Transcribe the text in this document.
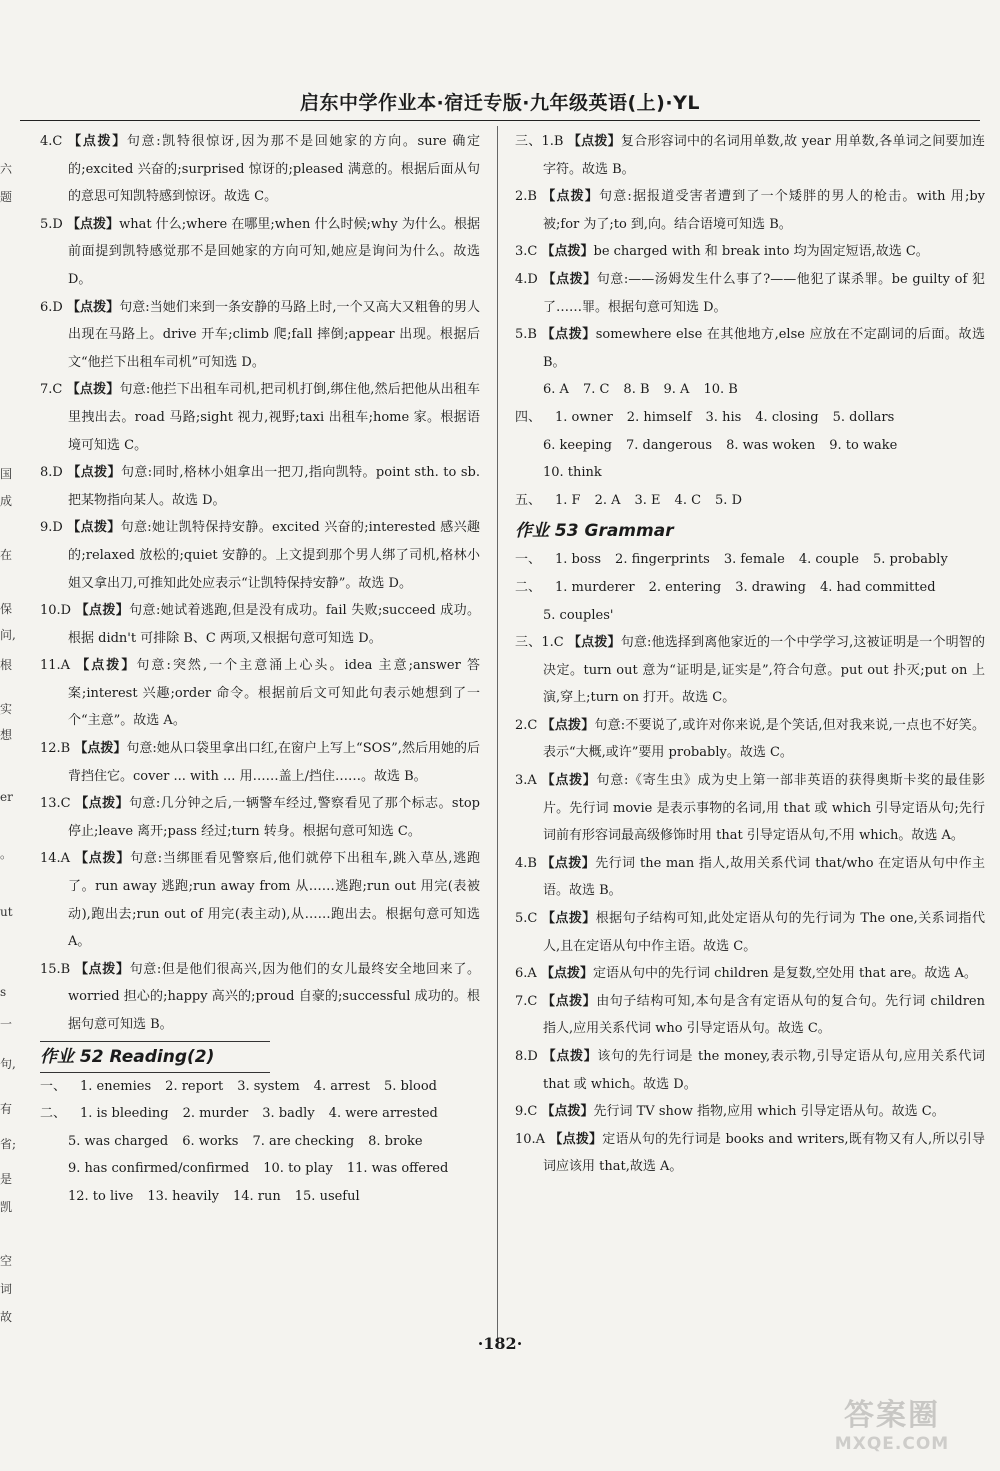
启东中学作业本·宿迁专版·九年级英语(上)·YL
六
题
国
成
在
保
问,
根
实
想
er
。
ut
s
一
句,
有
省;
是
凯
空
词
故
4.C 【点拨】句意:凯特很惊讶,因为那不是回她家的方向。sure 确定的;excited 兴奋的;surprised 惊讶的;pleased 满意的。根据后面从句的意思可知凯特感到惊讶。故选 C。
5.D 【点拨】what 什么;where 在哪里;when 什么时候;why 为什么。根据前面提到凯特感觉那不是回她家的方向可知,她应是询问为什么。故选 D。
6.D 【点拨】句意:当她们来到一条安静的马路上时,一个又高大又粗鲁的男人出现在马路上。drive 开车;climb 爬;fall 摔倒;appear 出现。根据后文“他拦下出租车司机”可知选 D。
7.C 【点拨】句意:他拦下出租车司机,把司机打倒,绑住他,然后把他从出租车里拽出去。road 马路;sight 视力,视野;taxi 出租车;home 家。根据语境可知选 C。
8.D 【点拨】句意:同时,格林小姐拿出一把刀,指向凯特。point sth. to sb. 把某物指向某人。故选 D。
9.D 【点拨】句意:她让凯特保持安静。excited 兴奋的;interested 感兴趣的;relaxed 放松的;quiet 安静的。上文提到那个男人绑了司机,格林小姐又拿出刀,可推知此处应表示“让凯特保持安静”。故选 D。
10.D 【点拨】句意:她试着逃跑,但是没有成功。fail 失败;succeed 成功。根据 didn't 可排除 B、C 两项,又根据句意可知选 D。
11.A 【点拨】句意:突然,一个主意涌上心头。idea 主意;answer 答案;interest 兴趣;order 命令。根据前后文可知此句表示她想到了一个“主意”。故选 A。
12.B 【点拨】句意:她从口袋里拿出口红,在窗户上写上“SOS”,然后用她的后背挡住它。cover ... with ... 用……盖上/挡住……。故选 B。
13.C 【点拨】句意:几分钟之后,一辆警车经过,警察看见了那个标志。stop 停止;leave 离开;pass 经过;turn 转身。根据句意可知选 C。
14.A 【点拨】句意:当绑匪看见警察后,他们就停下出租车,跳入草丛,逃跑了。run away 逃跑;run away from 从……逃跑;run out 用完(表被动),跑出去;run out of 用完(表主动),从……跑出去。根据句意可知选 A。
15.B 【点拨】句意:但是他们很高兴,因为他们的女儿最终安全地回来了。worried 担心的;happy 高兴的;proud 自豪的;successful 成功的。根据句意可知选 B。
作业 52 Reading(2)
一、 1. enemies 2. report 3. system 4. arrest 5. blood
二、 1. is bleeding 2. murder 3. badly 4. were arrested
5. was charged 6. works 7. are checking 8. broke
9. has confirmed/confirmed 10. to play 11. was offered
12. to live 13. heavily 14. run 15. useful
三、1.B 【点拨】复合形容词中的名词用单数,故 year 用单数,各单词之间要加连字符。故选 B。
2.B 【点拨】句意:据报道受害者遭到了一个矮胖的男人的枪击。with 用;by 被;for 为了;to 到,向。结合语境可知选 B。
3.C 【点拨】be charged with 和 break into 均为固定短语,故选 C。
4.D 【点拨】句意:——汤姆发生什么事了?——他犯了谋杀罪。be guilty of 犯了……罪。根据句意可知选 D。
5.B 【点拨】somewhere else 在其他地方,else 应放在不定副词的后面。故选 B。
6. A 7. C 8. B 9. A 10. B
四、 1. owner 2. himself 3. his 4. closing 5. dollars
6. keeping 7. dangerous 8. was woken 9. to wake
10. think
五、 1. F 2. A 3. E 4. C 5. D
作业 53 Grammar
一、 1. boss 2. fingerprints 3. female 4. couple 5. probably
二、 1. murderer 2. entering 3. drawing 4. had committed
5. couples'
三、1.C 【点拨】句意:他选择到离他家近的一个中学学习,这被证明是一个明智的决定。turn out 意为“证明是,证实是”,符合句意。put out 扑灭;put on 上演,穿上;turn on 打开。故选 C。
2.C 【点拨】句意:不要说了,或许对你来说,是个笑话,但对我来说,一点也不好笑。表示“大概,或许”要用 probably。故选 C。
3.A 【点拨】句意:《寄生虫》成为史上第一部非英语的获得奥斯卡奖的最佳影片。先行词 movie 是表示事物的名词,用 that 或 which 引导定语从句;先行词前有形容词最高级修饰时用 that 引导定语从句,不用 which。故选 A。
4.B 【点拨】先行词 the man 指人,故用关系代词 that/who 在定语从句中作主语。故选 B。
5.C 【点拨】根据句子结构可知,此处定语从句的先行词为 The one,关系词指代人,且在定语从句中作主语。故选 C。
6.A 【点拨】定语从句中的先行词 children 是复数,空处用 that are。故选 A。
7.C 【点拨】由句子结构可知,本句是含有定语从句的复合句。先行词 children 指人,应用关系代词 who 引导定语从句。故选 C。
8.D 【点拨】该句的先行词是 the money,表示物,引导定语从句,应用关系代词 that 或 which。故选 D。
9.C 【点拨】先行词 TV show 指物,应用 which 引导定语从句。故选 C。
10.A 【点拨】定语从句的先行词是 books and writers,既有物又有人,所以引导词应该用 that,故选 A。
·182·
答案圈
MXQE.COM
